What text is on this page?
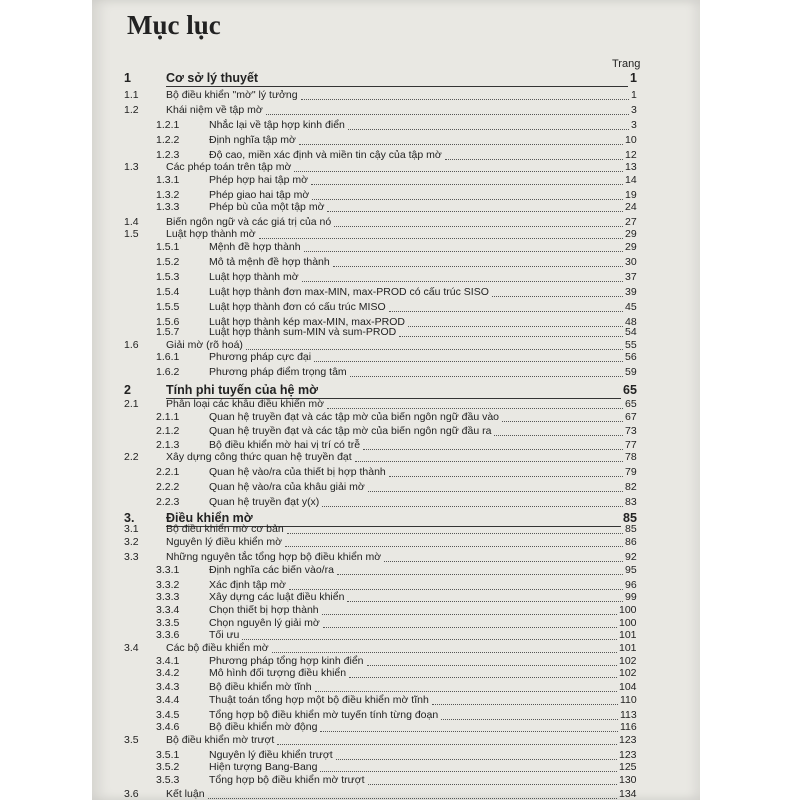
Mục lục
Trang
1	Cơ sở lý thuyết	1
1.1	Bộ điều khiển "mờ" lý tưởng	1
1.2	Khái niệm về tập mờ	3
1.2.1	Nhắc lại về tập hợp kinh điển	3
1.2.2	Định nghĩa tập mờ	10
1.2.3	Độ cao, miền xác định và miền tin cậy của tập mờ	12
1.3	Các phép toán trên tập mờ	13
1.3.1	Phép hợp hai tập mờ	14
1.3.2	Phép giao hai tập mờ	19
1.3.3	Phép bù của một tập mờ	24
1.4	Biến ngôn ngữ và các giá trị của nó	27
1.5	Luật hợp thành mờ	29
1.5.1	Mệnh đề hợp thành	29
1.5.2	Mô tả mệnh đề hợp thành	30
1.5.3	Luật hợp thành mờ	37
1.5.4	Luật hợp thành đơn max-MIN, max-PROD có cấu trúc SISO	39
1.5.5	Luật hợp thành đơn có cấu trúc MISO	45
1.5.6	Luật hợp thành kép max-MIN, max-PROD	48
1.5.7	Luật hợp thành sum-MIN và sum-PROD	54
1.6	Giải mờ (rõ hoá)	55
1.6.1	Phương pháp cực đại	56
1.6.2	Phương pháp điểm trọng tâm	59
2	Tính phi tuyến của hệ mờ	65
2.1	Phân loại các khâu điều khiển mờ	65
2.1.1	Quan hệ truyền đạt và các tập mờ của biến ngôn ngữ đầu vào	67
2.1.2	Quan hệ truyền đạt và các tập mờ của biến ngôn ngữ đầu ra	73
2.1.3	Bộ điều khiển mờ hai vị trí có trễ	77
2.2	Xây dựng công thức quan hệ truyền đạt	78
2.2.1	Quan hệ vào/ra của thiết bị hợp thành	79
2.2.2	Quan hệ vào/ra của khâu giải mờ	82
2.2.3	Quan hệ truyền đạt y(x)	83
3.	Điều khiển mờ	85
3.1	Bộ điều khiển mờ cơ bản	85
3.2	Nguyên lý điều khiển mờ	86
3.3	Những nguyên tắc tổng hợp bộ điều khiển mờ	92
3.3.1	Định nghĩa các biến vào/ra	95
3.3.2	Xác định tập mờ	96
3.3.3	Xây dựng các luật điều khiển	99
3.3.4	Chọn thiết bị hợp thành	100
3.3.5	Chọn nguyên lý giải mờ	100
3.3.6	Tối ưu	101
3.4	Các bộ điều khiển mờ	101
3.4.1	Phương pháp tổng hợp kinh điển	102
3.4.2	Mô hình đối tượng điều khiển	102
3.4.3	Bộ điều khiển mờ tĩnh	104
3.4.4	Thuật toán tổng hợp một bộ điều khiển mờ tĩnh	110
3.4.5	Tổng hợp bộ điều khiển mờ tuyến tính từng đoạn	113
3.4.6	Bộ điều khiển mờ động	116
3.5	Bộ điều khiển mờ trượt	123
3.5.1	Nguyên lý điều khiển trượt	123
3.5.2	Hiện tượng Bang-Bang	125
3.5.3	Tổng hợp bộ điều khiển mờ trượt	130
3.6	Kết luận	134
